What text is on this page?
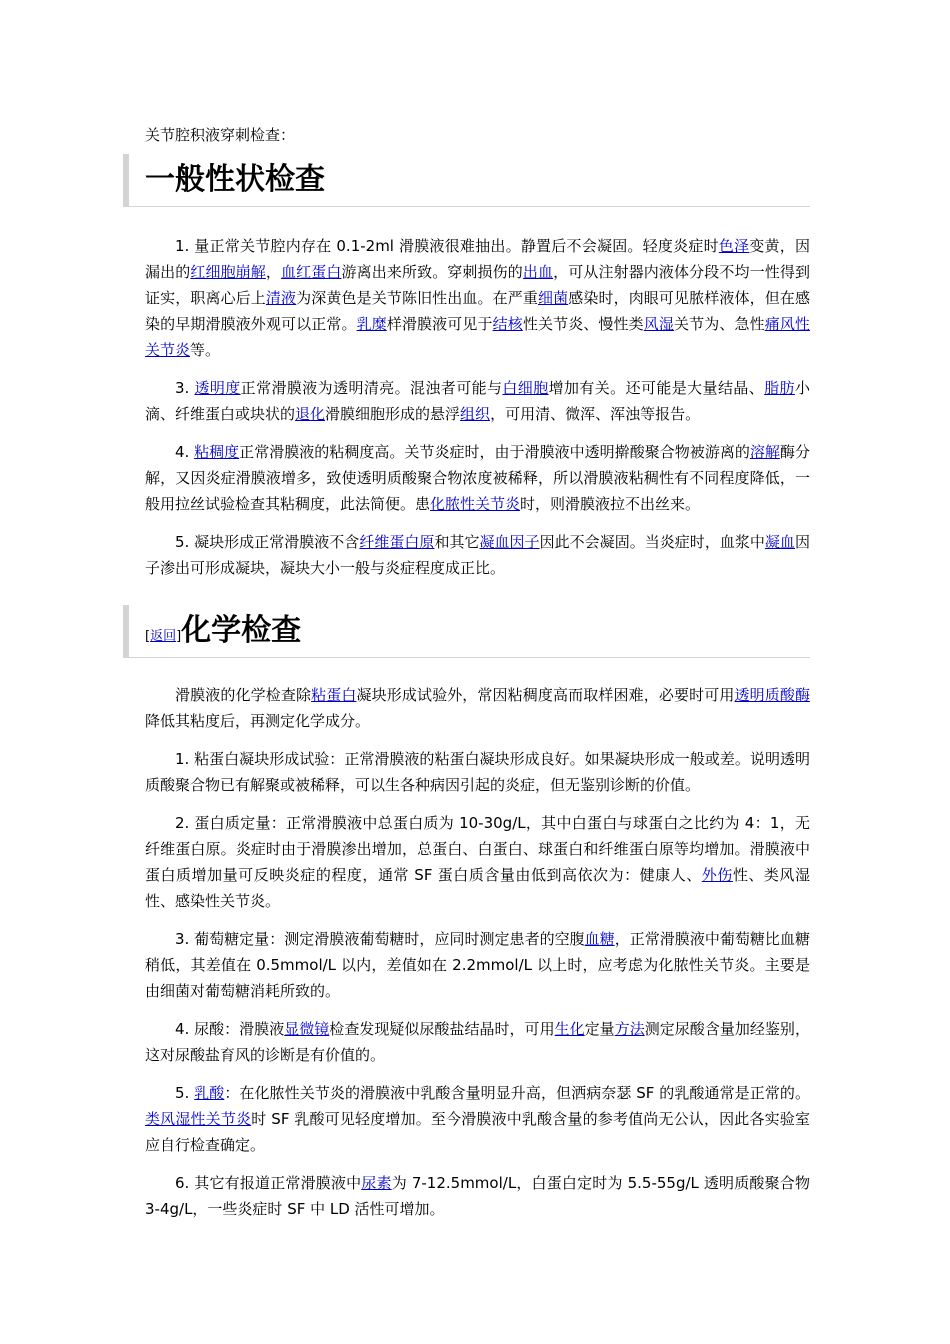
关节腔积液穿刺检查：
一般性状检查

1. 量正常关节腔内存在 0.1-2ml 滑膜液很难抽出。静置后不会凝固。轻度炎症时色泽变黄，因漏出的红细胞崩解，血红蛋白游离出来所致。穿刺损伤的出血，可从注射器内液体分段不均一性得到证实，职离心后上清液为深黄色是关节陈旧性出血。在严重细菌感染时，肉眼可见脓样液体，但在感染的早期滑膜液外观可以正常。乳糜样滑膜液可见于结核性关节炎、慢性类风湿关节为、急性痛风性关节炎等。

3. 透明度正常滑膜液为透明清亮。混浊者可能与白细胞增加有关。还可能是大量结晶、脂肪小滴、纤维蛋白或块状的退化滑膜细胞形成的悬浮组织，可用清、微浑、浑浊等报告。

4. 粘稠度正常滑膜液的粘稠度高。关节炎症时，由于滑膜液中透明擀酸聚合物被游离的溶解酶分解，又因炎症滑膜液增多，致使透明质酸聚合物浓度被稀释，所以滑膜液粘稠性有不同程度降低，一般用拉丝试验检查其粘稠度，此法简便。患化脓性关节炎时，则滑膜液拉不出丝来。

5. 凝块形成正常滑膜液不含纤维蛋白原和其它凝血因子因此不会凝固。当炎症时，血浆中凝血因子渗出可形成凝块，凝块大小一般与炎症程度成正比。

[返回]化学检查

滑膜液的化学检查除粘蛋白凝块形成试验外，常因粘稠度高而取样困难，必要时可用透明质酸酶降低其粘度后，再测定化学成分。

1. 粘蛋白凝块形成试验：正常滑膜液的粘蛋白凝块形成良好。如果凝块形成一般或差。说明透明质酸聚合物已有解聚或被稀释，可以生各种病因引起的炎症，但无鉴别诊断的价值。

2. 蛋白质定量：正常滑膜液中总蛋白质为 10-30g/L，其中白蛋白与球蛋白之比约为 4：1，无纤维蛋白原。炎症时由于滑膜渗出增加，总蛋白、白蛋白、球蛋白和纤维蛋白原等均增加。滑膜液中蛋白质增加量可反映炎症的程度，通常 SF 蛋白质含量由低到高依次为：健康人、外伤性、类风湿性、感染性关节炎。

3. 葡萄糖定量：测定滑膜液葡萄糖时，应同时测定患者的空腹血糖，正常滑膜液中葡萄糖比血糖稍低，其差值在 0.5mmol/L 以内，差值如在 2.2mmol/L 以上时，应考虑为化脓性关节炎。主要是由细菌对葡萄糖消耗所致的。

4. 尿酸：滑膜液显微镜检查发现疑似尿酸盐结晶时，可用生化定量方法测定尿酸含量加经鉴别，这对尿酸盐育风的诊断是有价值的。

5. 乳酸：在化脓性关节炎的滑膜液中乳酸含量明显升高，但洒病奈瑟 SF 的乳酸通常是正常的。类风湿性关节炎时 SF 乳酸可见轻度增加。至今滑膜液中乳酸含量的参考值尚无公认，因此各实验室应自行检查确定。

6. 其它有报道正常滑膜液中尿素为 7-12.5mmol/L，白蛋白定时为 5.5-55g/L 透明质酸聚合物 3-4g/L，一些炎症时 SF 中 LD 活性可增加。
